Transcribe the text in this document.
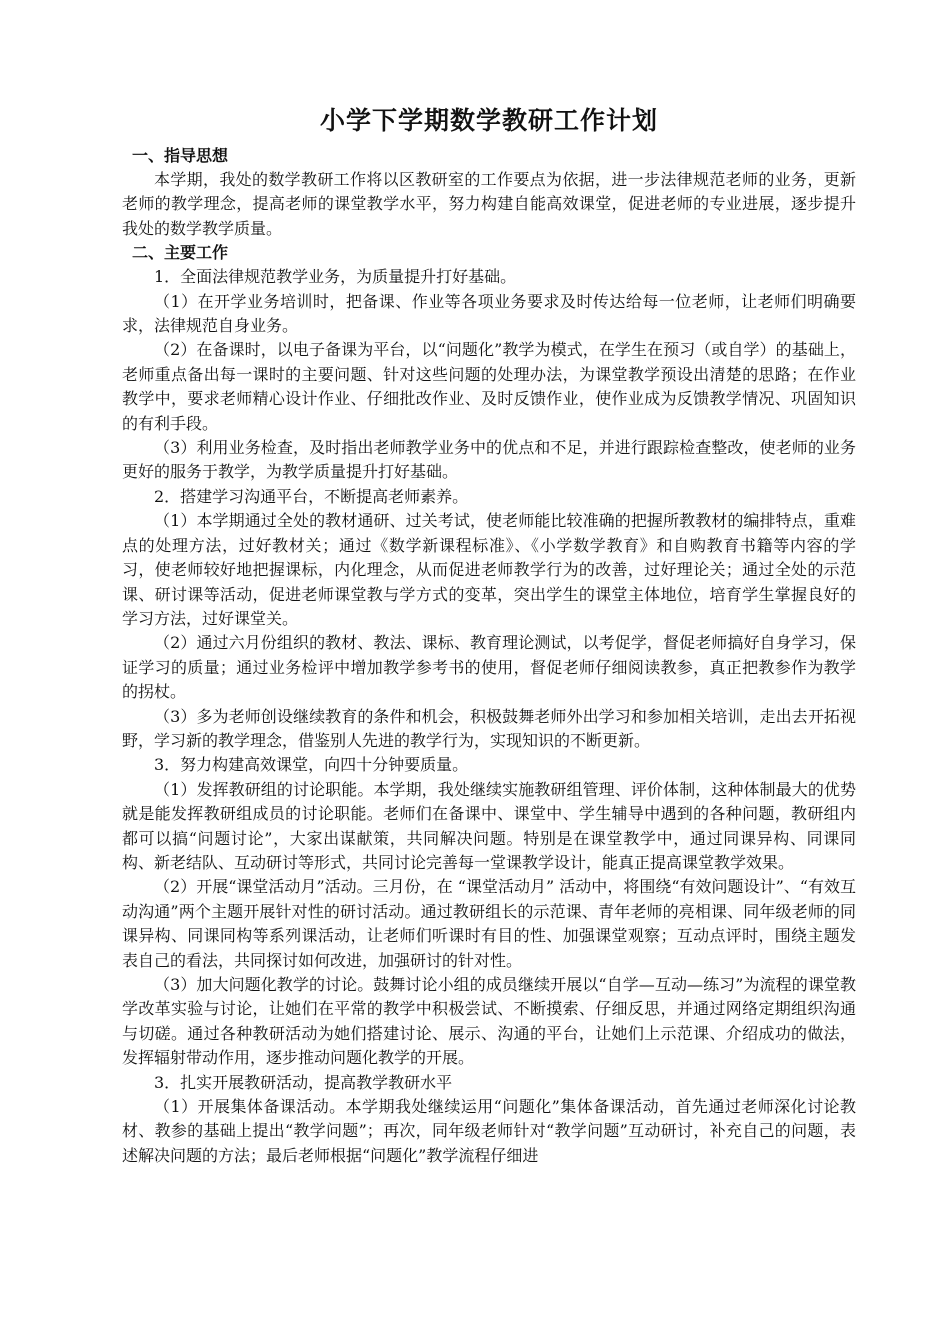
小学下学期数学教研工作计划

一、指导思想

本学期，我处的数学教研工作将以区教研室的工作要点为依据，进一步法律规范老师的业务，更新老师的教学理念，提高老师的课堂教学水平，努力构建自能高效课堂，促进老师的专业进展，逐步提升我处的数学教学质量。

二、主要工作

1．全面法律规范教学业务，为质量提升打好基础。

（1）在开学业务培训时，把备课、作业等各项业务要求及时传达给每一位老师，让老师们明确要求，法律规范自身业务。

（2）在备课时，以电子备课为平台，以“问题化”教学为模式，在学生在预习（或自学）的基础上，老师重点备出每一课时的主要问题、针对这些问题的处理办法，为课堂教学预设出清楚的思路；在作业教学中，要求老师精心设计作业、仔细批改作业、及时反馈作业，使作业成为反馈教学情况、巩固知识的有利手段。

（3）利用业务检查，及时指出老师教学业务中的优点和不足，并进行跟踪检查整改，使老师的业务更好的服务于教学，为教学质量提升打好基础。

2．搭建学习沟通平台，不断提高老师素养。

（1）本学期通过全处的教材通研、过关考试，使老师能比较准确的把握所教教材的编排特点，重难点的处理方法，过好教材关；通过《数学新课程标准》、《小学数学教育》和自购教育书籍等内容的学习，使老师较好地把握课标，内化理念，从而促进老师教学行为的改善，过好理论关；通过全处的示范课、研讨课等活动，促进老师课堂教与学方式的变革，突出学生的课堂主体地位，培育学生掌握良好的学习方法，过好课堂关。

（2）通过六月份组织的教材、教法、课标、教育理论测试，以考促学，督促老师搞好自身学习，保证学习的质量；通过业务检评中增加教学参考书的使用，督促老师仔细阅读教参，真正把教参作为教学的拐杖。

（3）多为老师创设继续教育的条件和机会，积极鼓舞老师外出学习和参加相关培训，走出去开拓视野，学习新的教学理念，借鉴别人先进的教学行为，实现知识的不断更新。

3．努力构建高效课堂，向四十分钟要质量。

（1）发挥教研组的讨论职能。本学期，我处继续实施教研组管理、评价体制，这种体制最大的优势就是能发挥教研组成员的讨论职能。老师们在备课中、课堂中、学生辅导中遇到的各种问题，教研组内都可以搞“问题讨论”，大家出谋献策，共同解决问题。特别是在课堂教学中，通过同课异构、同课同构、新老结队、互动研讨等形式，共同讨论完善每一堂课教学设计，能真正提高课堂教学效果。

（2）开展“课堂活动月”活动。三月份，在 “课堂活动月” 活动中，将围绕“有效问题设计”、“有效互动沟通”两个主题开展针对性的研讨活动。通过教研组长的示范课、青年老师的亮相课、同年级老师的同课异构、同课同构等系列课活动，让老师们听课时有目的性、加强课堂观察；互动点评时，围绕主题发表自己的看法，共同探讨如何改进，加强研讨的针对性。

（3）加大问题化教学的讨论。鼓舞讨论小组的成员继续开展以“自学—互动—练习”为流程的课堂教学改革实验与讨论，让她们在平常的教学中积极尝试、不断摸索、仔细反思，并通过网络定期组织沟通与切磋。通过各种教研活动为她们搭建讨论、展示、沟通的平台，让她们上示范课、介绍成功的做法，发挥辐射带动作用，逐步推动问题化教学的开展。

3．扎实开展教研活动，提高教学教研水平

（1）开展集体备课活动。本学期我处继续运用“问题化”集体备课活动，首先通过老师深化讨论教材、教参的基础上提出“教学问题”；再次，同年级老师针对“教学问题”互动研讨，补充自己的问题，表述解决问题的方法；最后老师根据“问题化”教学流程仔细进
